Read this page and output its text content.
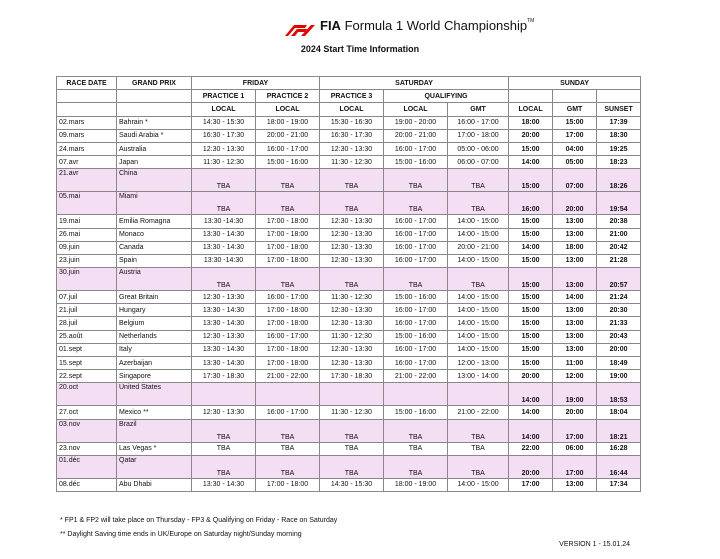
FIA Formula 1 World Championship™
2024 Start Time Information
RACE DATE	GRAND PRIX	FRIDAY		SATURDAY			SUNDAY		
		PRACTICE 1	PRACTICE 2	PRACTICE 3	QUALIFYING				
		LOCAL	LOCAL	LOCAL	LOCAL	GMT	LOCAL	GMT	SUNSET
02.mars	Bahrain *	14:30 - 15:30	18:00 - 19:00	15:30 - 16:30	19:00 - 20:00	16:00 - 17:00	18:00	15:00	17:39
09.mars	Saudi Arabia *	16:30 - 17:30	20:00 - 21:00	16:30 - 17:30	20:00 - 21:00	17:00 - 18:00	20:00	17:00	18:30
24.mars	Australia	12:30 - 13:30	16:00 - 17:00	12:30 - 13:30	16:00 - 17:00	05:00 - 06:00	15:00	04:00	19:25
07.avr	Japan	11:30 - 12:30	15:00 - 16:00	11:30 - 12:30	15:00 - 16:00	06:00 - 07:00	14:00	05:00	18:23
21.avr	China	TBA	TBA	TBA	TBA	TBA	15:00	07:00	18:26
05.mai	Miami	TBA	TBA	TBA	TBA	TBA	16:00	20:00	19:54
19.mai	Emilia Romagna	13:30 -14:30	17:00 - 18:00	12:30 - 13:30	16:00 - 17:00	14:00 - 15:00	15:00	13:00	20:38
26.mai	Monaco	13:30 - 14:30	17:00 - 18:00	12:30 - 13:30	16:00 - 17:00	14:00 - 15:00	15:00	13:00	21:00
09.juin	Canada	13:30 - 14:30	17:00 - 18:00	12:30 - 13:30	16:00 - 17:00	20:00 - 21:00	14:00	18:00	20:42
23.juin	Spain	13:30 -14:30	17:00 - 18:00	12:30 - 13:30	16:00 - 17:00	14:00 - 15:00	15:00	13:00	21:28
30.juin	Austria	TBA	TBA	TBA	TBA	TBA	15:00	13:00	20:57
07.juil	Great Britain	12:30 - 13:30	16:00 - 17:00	11:30 - 12:30	15:00 - 16:00	14:00 - 15:00	15:00	14:00	21:24
21.juil	Hungary	13:30 - 14:30	17:00 - 18:00	12:30 - 13:30	16:00 - 17:00	14:00 - 15:00	15:00	13:00	20:30
28.juil	Belgium	13:30 - 14:30	17:00 - 18:00	12:30 - 13:30	16:00 - 17:00	14:00 - 15:00	15:00	13:00	21:33
25.août	Netherlands	12:30 - 13:30	16:00 - 17:00	11:30 - 12:30	15:00 - 16:00	14:00 - 15:00	15:00	13:00	20:43
01.sept	Italy	13:30 - 14:30	17:00 - 18:00	12:30 - 13:30	16:00 - 17:00	14:00 - 15:00	15:00	13:00	20:00
15.sept	Azerbaijan	13:30 - 14:30	17:00 - 18:00	12:30 - 13:30	16:00 - 17:00	12:00 - 13:00	15:00	11:00	18:49
22.sept	Singapore	17:30 - 18:30	21:00 - 22:00	17:30 - 18:30	21:00 - 22:00	13:00 - 14:00	20:00	12:00	19:00
20.oct	United States						14:00	19:00	18:53
27.oct	Mexico **	12:30 - 13:30	16:00 - 17:00	11:30 - 12:30	15:00 - 16:00	21:00 - 22:00	14:00	20:00	18:04
03.nov	Brazil	TBA	TBA	TBA	TBA	TBA	14:00	17:00	18:21
23.nov	Las Vegas *	TBA	TBA	TBA	TBA	TBA	22:00	06:00	16:28
01.déc	Qatar	TBA	TBA	TBA	TBA	TBA	20:00	17:00	16:44
08.déc	Abu Dhabi	13:30 - 14:30	17:00 - 18:00	14:30 - 15:30	18:00 - 19:00	14:00 - 15:00	17:00	13:00	17:34
* FP1 & FP2 will take place on Thursday - FP3 & Qualifying on Friday - Race on Saturday
** Daylight Saving time ends in UK/Europe on Saturday night/Sunday morning
VERSION 1 - 15.01.24
